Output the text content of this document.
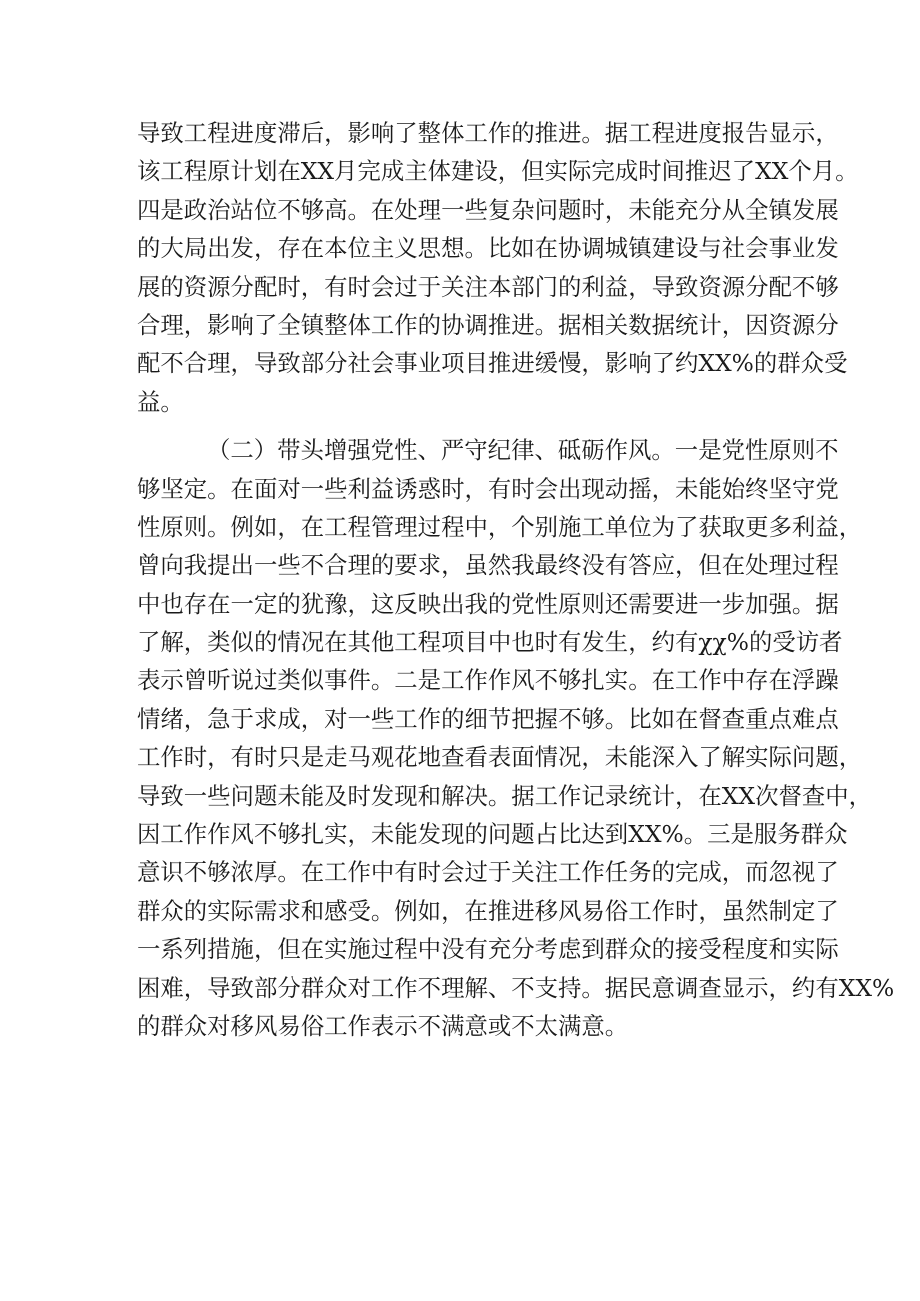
导致工程进度滞后，影响了整体工作的推进。据工程进度报告显示，
该工程原计划在XX月完成主体建设，但实际完成时间推迟了XX个月。
四是政治站位不够高。在处理一些复杂问题时，未能充分从全镇发展
的大局出发，存在本位主义思想。比如在协调城镇建设与社会事业发
展的资源分配时，有时会过于关注本部门的利益，导致资源分配不够
合理，影响了全镇整体工作的协调推进。据相关数据统计，因资源分
配不合理，导致部分社会事业项目推进缓慢，影响了约XX%的群众受
益。
（二）带头增强党性、严守纪律、砥砺作风。一是党性原则不
够坚定。在面对一些利益诱惑时，有时会出现动摇，未能始终坚守党
性原则。例如，在工程管理过程中，个别施工单位为了获取更多利益，
曾向我提出一些不合理的要求，虽然我最终没有答应，但在处理过程
中也存在一定的犹豫，这反映出我的党性原则还需要进一步加强。据
了解，类似的情况在其他工程项目中也时有发生，约有χχ%的受访者
表示曾听说过类似事件。二是工作作风不够扎实。在工作中存在浮躁
情绪，急于求成，对一些工作的细节把握不够。比如在督查重点难点
工作时，有时只是走马观花地查看表面情况，未能深入了解实际问题，
导致一些问题未能及时发现和解决。据工作记录统计，在XX次督查中，
因工作作风不够扎实，未能发现的问题占比达到XX%。三是服务群众
意识不够浓厚。在工作中有时会过于关注工作任务的完成，而忽视了
群众的实际需求和感受。例如，在推进移风易俗工作时，虽然制定了
一系列措施，但在实施过程中没有充分考虑到群众的接受程度和实际
困难，导致部分群众对工作不理解、不支持。据民意调查显示，约有XX%
的群众对移风易俗工作表示不满意或不太满意。
